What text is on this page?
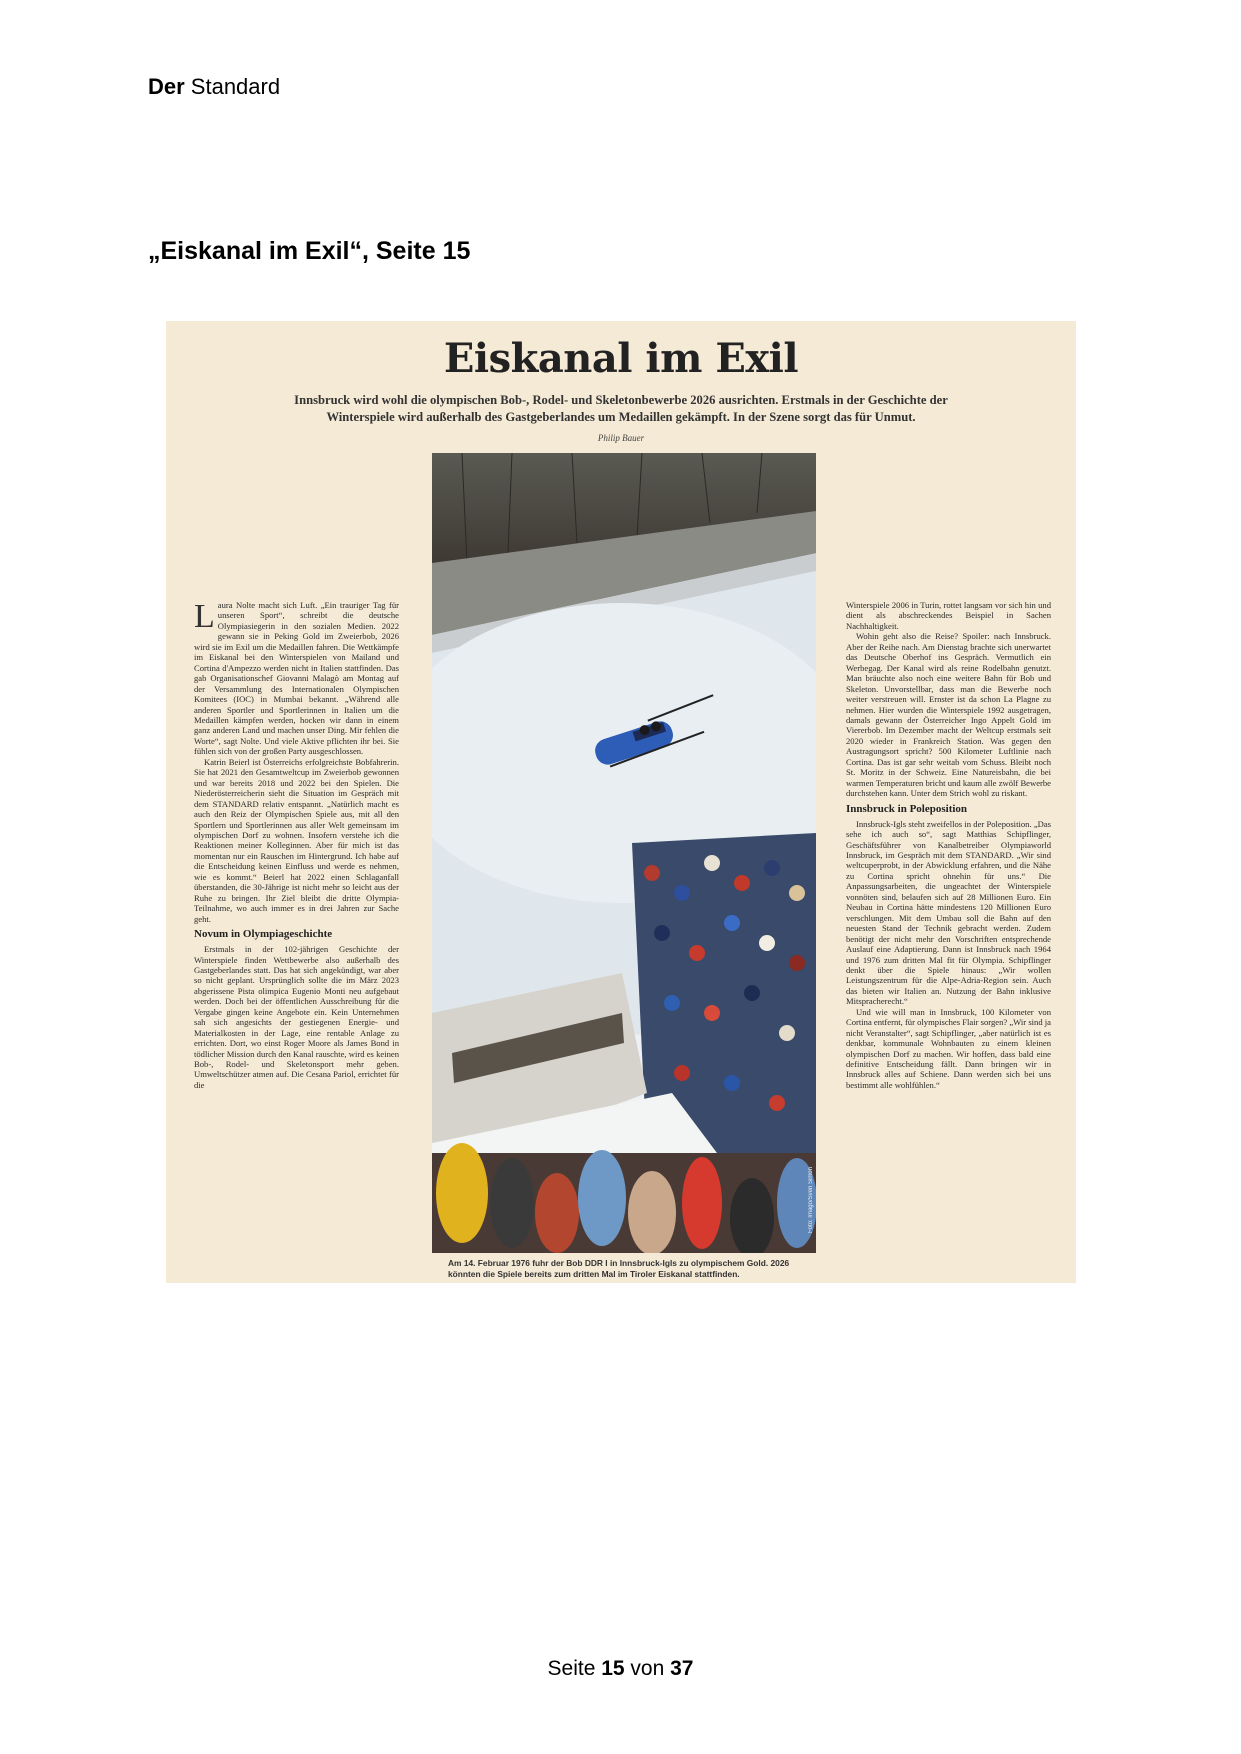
Der Standard
„Eiskanal im Exil“, Seite 15
Eiskanal im Exil
Innsbruck wird wohl die olympischen Bob-, Rodel- und Skeletonbewerbe 2026 ausrichten. Erstmals in der Geschichte der Winterspiele wird außerhalb des Gastgeberlandes um Medaillen gekämpft. In der Szene sorgt das für Unmut.
Philip Bauer

Laura Nolte macht sich Luft. „Ein trauriger Tag für unseren Sport“, schreibt die deutsche Olympiasiegerin in den sozialen Medien. 2022 gewann sie in Peking Gold im Zweierbob, 2026 wird sie im Exil um die Medaillen fahren. Die Wettkämpfe im Eiskanal bei den Winterspielen von Mailand und Cortina d'Ampezzo werden nicht in Italien stattfinden. Das gab Organisationschef Giovanni Malagò am Montag auf der Versammlung des Internationalen Olympischen Komitees (IOC) in Mumbai bekannt. „Während alle anderen Sportler und Sportlerinnen in Italien um die Medaillen kämpfen werden, hocken wir dann in einem ganz anderen Land und machen unser Ding. Mir fehlen die Worte“, sagt Nolte. Und viele Aktive pflichten ihr bei. Sie fühlen sich von der großen Party ausgeschlossen.

Katrin Beierl ist Österreichs erfolgreichste Bobfahrerin. Sie hat 2021 den Gesamtweltcup im Zweierbob gewonnen und war bereits 2018 und 2022 bei den Spielen. Die Niederösterreicherin sieht die Situation im Gespräch mit dem STANDARD relativ entspannt. „Natürlich macht es auch den Reiz der Olympischen Spiele aus, mit all den Sportlern und Sportlerinnen aus aller Welt gemeinsam im olympischen Dorf zu wohnen. Insofern verstehe ich die Reaktionen meiner Kolleginnen. Aber für mich ist das momentan nur ein Rauschen im Hintergrund. Ich habe auf die Entscheidung keinen Einfluss und werde es nehmen, wie es kommt.“ Beierl hat 2022 einen Schlaganfall überstanden, die 30-Jährige ist nicht mehr so leicht aus der Ruhe zu bringen. Ihr Ziel bleibt die dritte Olympia-Teilnahme, wo auch immer es in drei Jahren zur Sache geht.

Novum in Olympiageschichte

Erstmals in der 102-jährigen Geschichte der Winterspiele finden Wettbewerbe also außerhalb des Gastgeberlandes statt. Das hat sich angekündigt, war aber so nicht geplant. Ursprünglich sollte die im März 2023 abgerissene Pista olimpica Eugenio Monti neu aufgebaut werden. Doch bei der öffentlichen Ausschreibung für die Vergabe gingen keine Angebote ein. Kein Unternehmen sah sich angesichts der gestiegenen Energie- und Materialkosten in der Lage, eine rentable Anlage zu errichten. Dort, wo einst Roger Moore als James Bond in tödlicher Mission durch den Kanal rauschte, wird es keinen Bob-, Rodel- und Skeletonsport mehr geben. Umweltschützer atmen auf. Die Cesana Pariol, errichtet für die

Foto: Imago/Sven Simon
Am 14. Februar 1976 fuhr der Bob DDR I in Innsbruck-Igls zu olympischem Gold. 2026 könnten die Spiele bereits zum dritten Mal im Tiroler Eiskanal stattfinden.

Winterspiele 2006 in Turin, rottet langsam vor sich hin und dient als abschreckendes Beispiel in Sachen Nachhaltigkeit.

Wohin geht also die Reise? Spoiler: nach Innsbruck. Aber der Reihe nach. Am Dienstag brachte sich unerwartet das Deutsche Oberhof ins Gespräch. Vermutlich ein Werbegag. Der Kanal wird als reine Rodelbahn genutzt. Man bräuchte also noch eine weitere Bahn für Bob und Skeleton. Unvorstellbar, dass man die Bewerbe noch weiter verstreuen will. Ernster ist da schon La Plagne zu nehmen. Hier wurden die Winterspiele 1992 ausgetragen, damals gewann der Österreicher Ingo Appelt Gold im Viererbob. Im Dezember macht der Weltcup erstmals seit 2020 wieder in Frankreich Station. Was gegen den Austragungsort spricht? 500 Kilometer Luftlinie nach Cortina. Das ist gar sehr weitab vom Schuss. Bleibt noch St. Moritz in der Schweiz. Eine Natureisbahn, die bei warmen Temperaturen bricht und kaum alle zwölf Bewerbe durchstehen kann. Unter dem Strich wohl zu riskant.

Innsbruck in Poleposition

Innsbruck-Igls steht zweifellos in der Poleposition. „Das sehe ich auch so“, sagt Matthias Schipflinger, Geschäftsführer von Kanalbetreiber Olympiaworld Innsbruck, im Gespräch mit dem STANDARD. „Wir sind weltcuperprobt, in der Abwicklung erfahren, und die Nähe zu Cortina spricht ohnehin für uns.“ Die Anpassungsarbeiten, die ungeachtet der Winterspiele vonnöten sind, belaufen sich auf 28 Millionen Euro. Ein Neubau in Cortina hätte mindestens 120 Millionen Euro verschlungen. Mit dem Umbau soll die Bahn auf den neuesten Stand der Technik gebracht werden. Zudem benötigt der nicht mehr den Vorschriften entsprechende Auslauf eine Adaptierung. Dann ist Innsbruck nach 1964 und 1976 zum dritten Mal fit für Olympia. Schipflinger denkt über die Spiele hinaus: „Wir wollen Leistungszentrum für die Alpe-Adria-Region sein. Auch das bieten wir Italien an. Nutzung der Bahn inklusive Mitspracherecht.“

Und wie will man in Innsbruck, 100 Kilometer von Cortina entfernt, für olympisches Flair sorgen? „Wir sind ja nicht Veranstalter“, sagt Schipflinger, „aber natürlich ist es denkbar, kommunale Wohnbauten zu einem kleinen olympischen Dorf zu machen. Wir hoffen, dass bald eine definitive Entscheidung fällt. Dann bringen wir in Innsbruck alles auf Schiene. Dann werden sich bei uns bestimmt alle wohlfühlen.“

Seite 15 von 37
